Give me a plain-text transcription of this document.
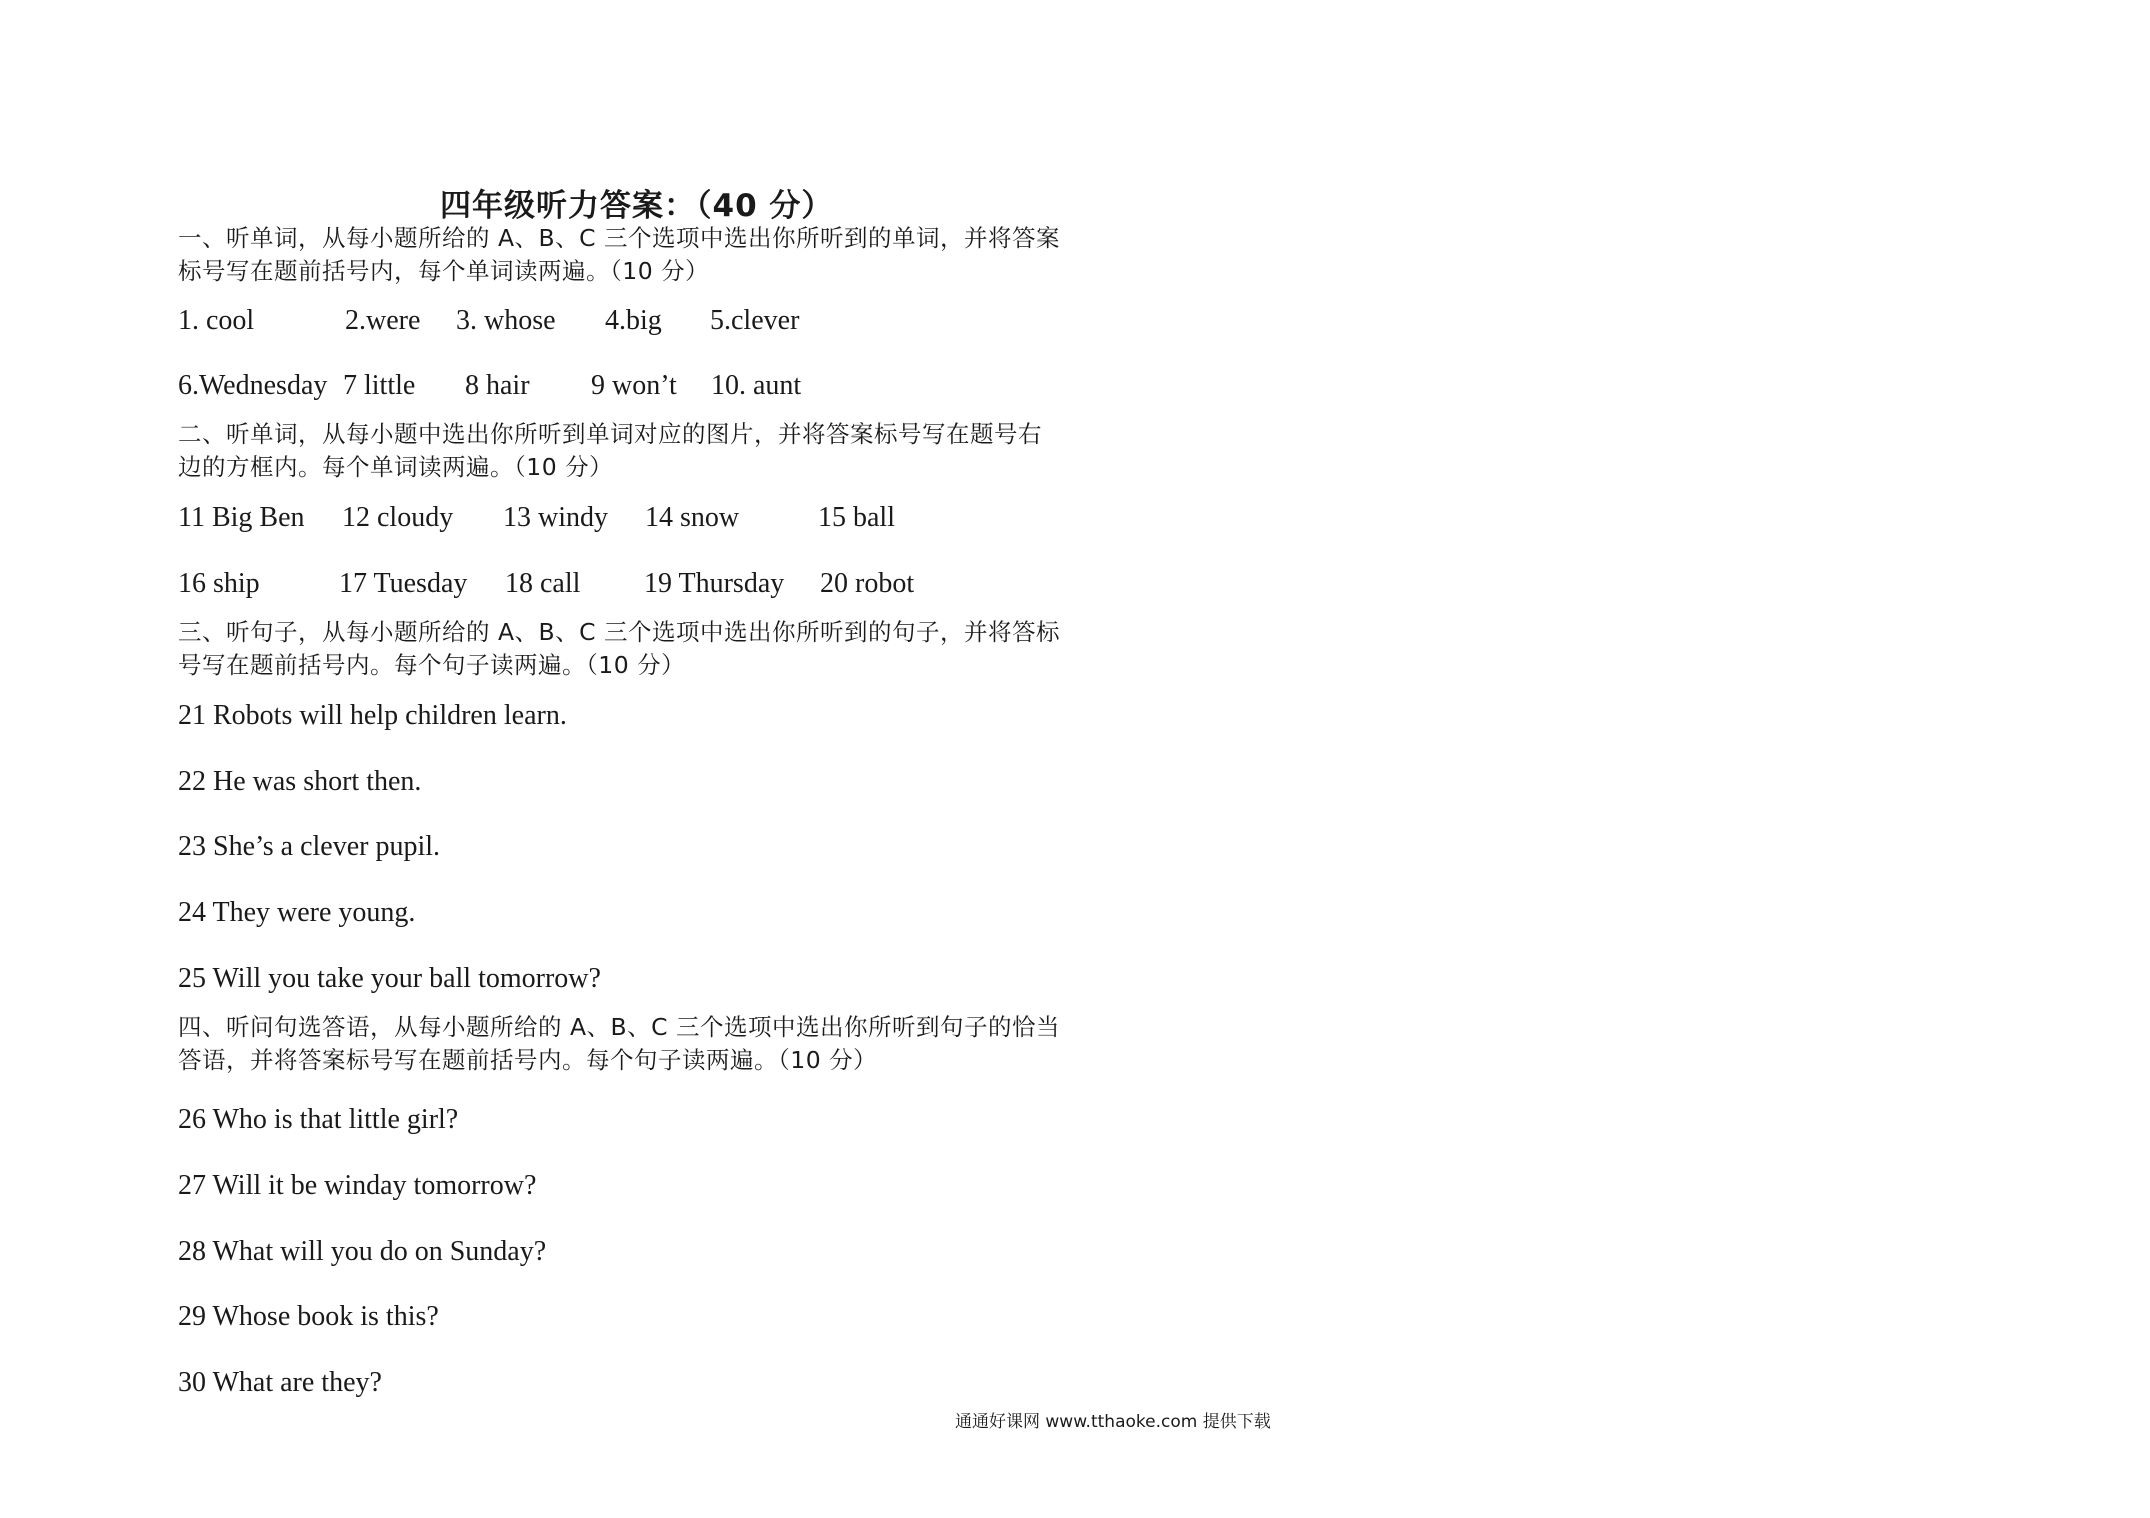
四年级听力答案：（40 分）
一、听单词，从每小题所给的 A、B、C 三个选项中选出你所听到的单词，并将答案
标号写在题前括号内，每个单词读两遍。（10 分）
1. cool	2.were 3. whose 4.big 5.clever
6.Wednesday 7 little 8 hair 9 won’t 10. aunt
二、听单词，从每小题中选出你所听到单词对应的图片，并将答案标号写在题号右
边的方框内。每个单词读两遍。（10 分）
11 Big Ben 12 cloudy 13 windy 14 snow	15 ball
16 ship	17 Tuesday 18 call 19 Thursday 20 robot
三、听句子，从每小题所给的 A、B、C 三个选项中选出你所听到的句子，并将答标
号写在题前括号内。每个句子读两遍。（10 分）
21 Robots will help children learn.
22 He was short then.
23 She’s a clever pupil.
24 They were young.
25 Will you take your ball tomorrow?
四、听问句选答语，从每小题所给的 A、B、C 三个选项中选出你所听到句子的恰当
答语，并将答案标号写在题前括号内。每个句子读两遍。（10 分）
26 Who is that little girl?
27 Will it be winday tomorrow?
28 What will you do on Sunday?
29 Whose book is this?
30 What are they?
通通好课网 www.tthaoke.com 提供下载
